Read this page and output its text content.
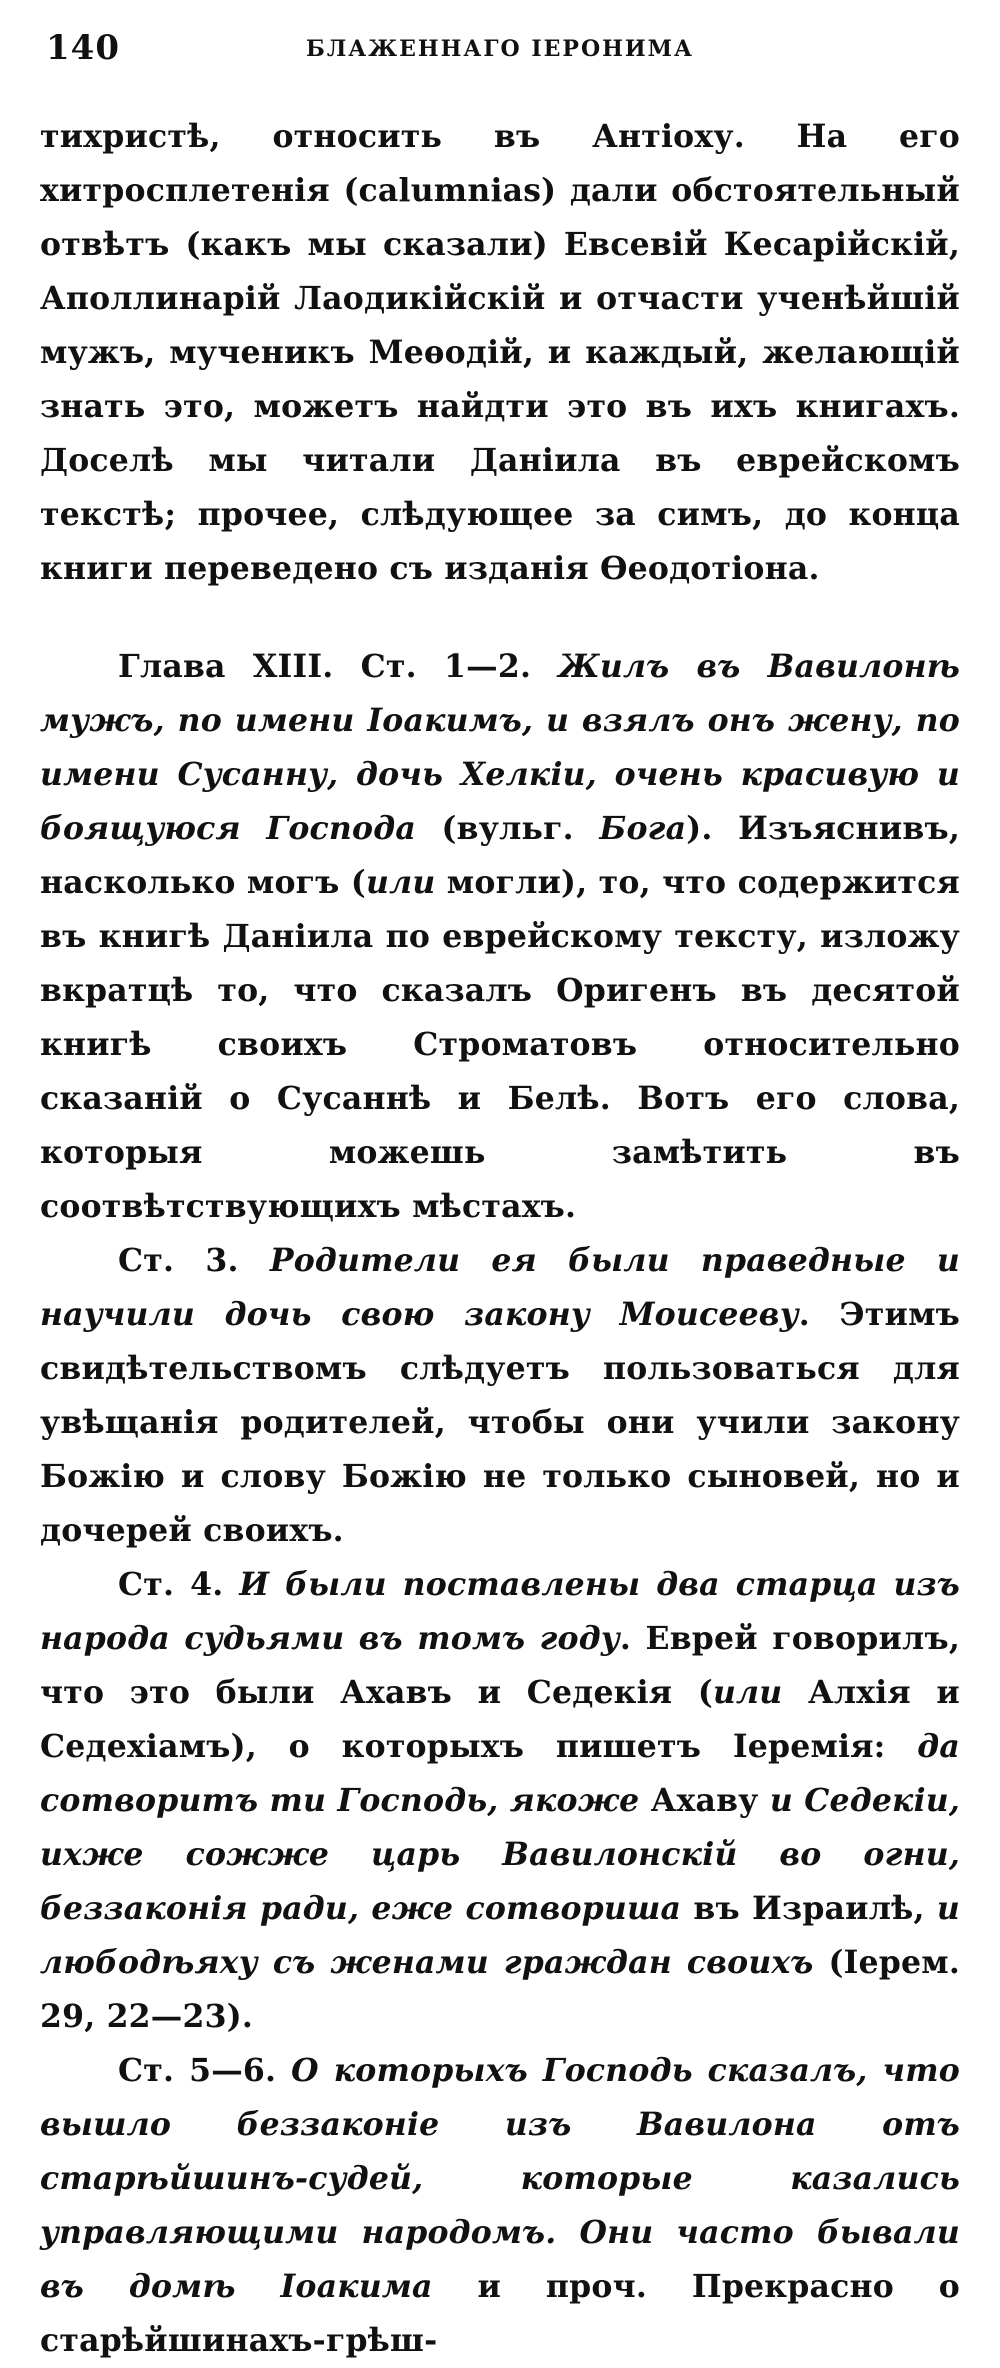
140	БЛАЖЕННАГО IЕРОНИМА

тихристѣ, относить въ Антіоху. На его хитросплетенія (calumnias) дали обстоятельный отвѣтъ (какъ мы сказали) Евсевій Кесарійскій, Аполлинарій Лаодикійскій и отчасти ученѣйшій мужъ, мученикъ Меѳодій, и каждый, желающій знать это, можетъ найдти это въ ихъ книгахъ. Доселѣ мы читали Даніила въ еврейскомъ текстѣ; прочее, слѣдующее за симъ, до конца книги переведено съ изданія Ѳеодотіона.

Глава XIII. Ст. 1—2. Жилъ въ Вавилонѣ мужъ, по имени Іоакимъ, и взялъ онъ жену, по имени Сусанну, дочь Хелкіи, очень красивую и боящуюся Господа (вульг. Бога). Изъяснивъ, насколько могъ (или могли), то, что содержится въ книгѣ Даніила по еврейскому тексту, изложу вкратцѣ то, что сказалъ Оригенъ въ десятой книгѣ своихъ Строматовъ относительно сказаній о Сусаннѣ и Белѣ. Вотъ его слова, которыя можешь замѣтить въ соотвѣтствующихъ мѣстахъ.

Ст. 3. Родители ея были праведные и научили дочь свою закону Моисееву. Этимъ свидѣтельствомъ слѣдуетъ пользоваться для увѣщанія родителей, чтобы они учили закону Божію и слову Божію не только сыновей, но и дочерей своихъ.

Ст. 4. И были поставлены два старца изъ народа судьями въ томъ году. Еврей говорилъ, что это были Ахавъ и Седекія (или Алхія и Седехіамъ), о которыхъ пишетъ Іеремія: да сотворитъ ти Господь, якоже Ахаву и Седекіи, ихже сожже царь Вавилонскій во огни, беззаконія ради, еже сотвориша въ Израилѣ, и любодѣяху съ женами граждан своихъ (Iерем. 29, 22—23).

Ст. 5—6. О которыхъ Господь сказалъ, что вышло беззаконіе изъ Вавилона отъ старѣйшинъ-судей, которые казались управляющими народомъ. Они часто бывали въ домѣ Іоакима и проч. Прекрасно о старѣйшинахъ-грѣш-
